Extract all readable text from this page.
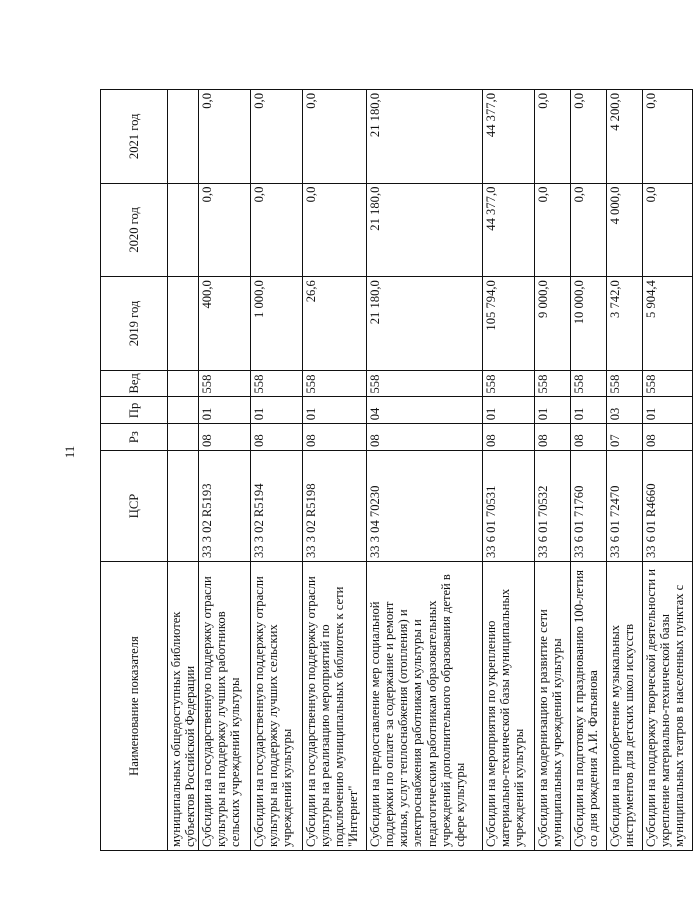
11
Наименование показателя	ЦСР	Рз	Пр	Вед	2019 год	2020 год	2021 год
муниципальных общедоступных библиотек субъектов Российской Федерации							
Субсидии на государственную поддержку отрасли культуры на поддержку лучших работников сельских учреждений культуры	33 3 02 R5193	08	01	558	400,0	0,0	0,0
Субсидии на государственную поддержку отрасли культуры на поддержку лучших сельских учреждений культуры	33 3 02 R5194	08	01	558	1 000,0	0,0	0,0
Субсидии на государственную поддержку отрасли культуры на реализацию мероприятий по подключению муниципальных библиотек к сети "Интернет"	33 3 02 R5198	08	01	558	26,6	0,0	0,0
Субсидии на предоставление мер социальной поддержки по оплате за содержание и ремонт жилья, услуг теплоснабжения (отопления) и электроснабжения работникам культуры и педагогическим работникам образовательных учреждений дополнительного образования детей в сфере культуры	33 3 04 70230	08	04	558	21 180,0	21 180,0	21 180,0
Субсидии на мероприятия по укреплению материально-технической базы муниципальных учреждений культуры	33 6 01 70531	08	01	558	105 794,0	44 377,0	44 377,0
Субсидии на модернизацию и развитие сети муниципальных учреждений культуры	33 6 01 70532	08	01	558	9 000,0	0,0	0,0
Субсидии на подготовку к празднованию 100-летия со дня рождения А.И. Фатьянова	33 6 01 71760	08	01	558	10 000,0	0,0	0,0
Субсидии на приобретение музыкальных инструментов для детских школ искусств	33 6 01 72470	07	03	558	3 742,0	4 000,0	4 200,0
Субсидии на поддержку творческой деятельности и укрепление материально-технической базы муниципальных театров в населенных пунктах с	33 6 01 R4660	08	01	558	5 904,4	0,0	0,0
